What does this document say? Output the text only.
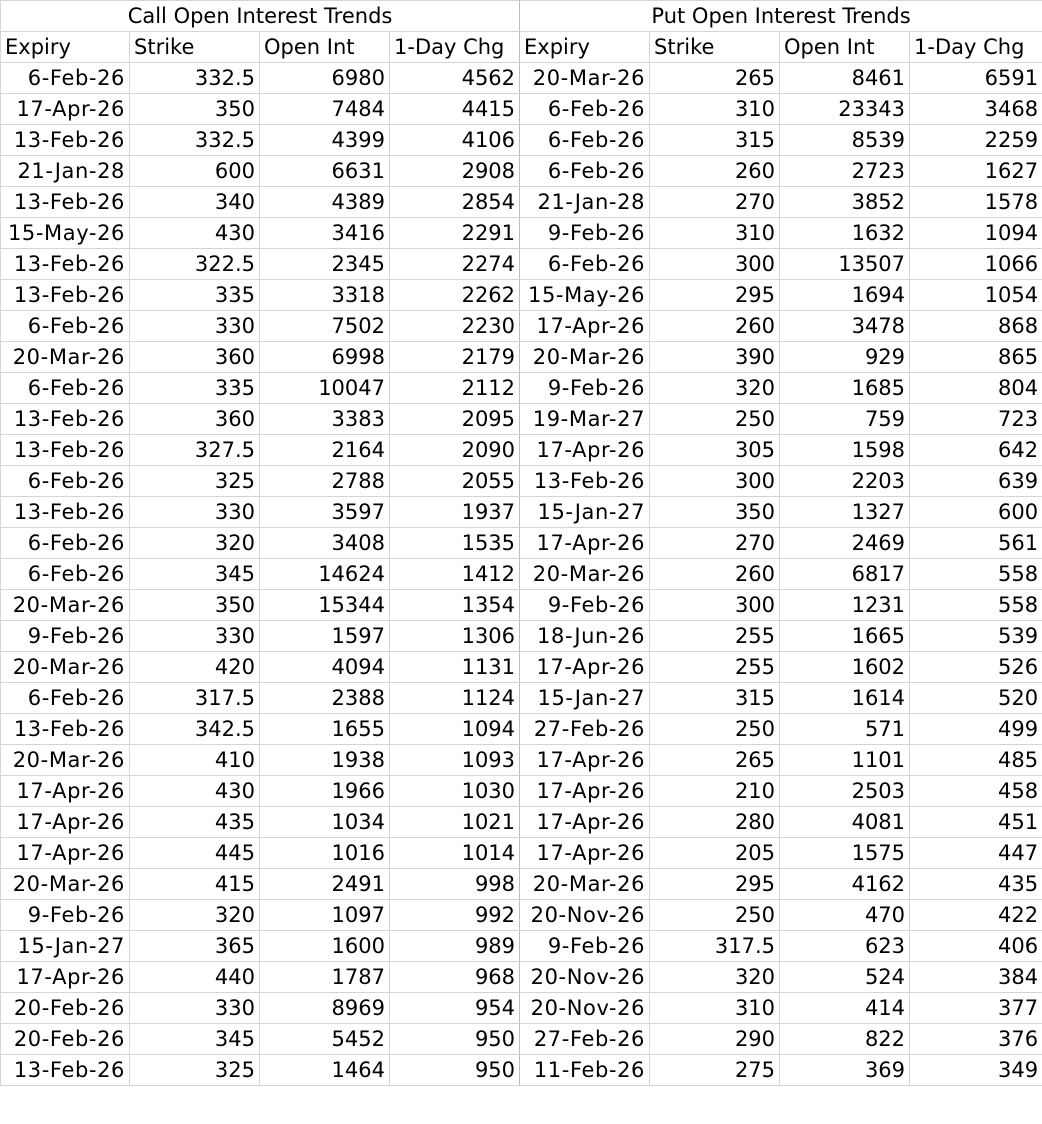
Call Open Interest Trends				Put Open Interest Trends			
Expiry	Strike	Open Int	1-Day Chg	Expiry	Strike	Open Int	1-Day Chg
6-Feb-26	332.5	6980	4562	20-Mar-26	265	8461	6591
17-Apr-26	350	7484	4415	6-Feb-26	310	23343	3468
13-Feb-26	332.5	4399	4106	6-Feb-26	315	8539	2259
21-Jan-28	600	6631	2908	6-Feb-26	260	2723	1627
13-Feb-26	340	4389	2854	21-Jan-28	270	3852	1578
15-May-26	430	3416	2291	9-Feb-26	310	1632	1094
13-Feb-26	322.5	2345	2274	6-Feb-26	300	13507	1066
13-Feb-26	335	3318	2262	15-May-26	295	1694	1054
6-Feb-26	330	7502	2230	17-Apr-26	260	3478	868
20-Mar-26	360	6998	2179	20-Mar-26	390	929	865
6-Feb-26	335	10047	2112	9-Feb-26	320	1685	804
13-Feb-26	360	3383	2095	19-Mar-27	250	759	723
13-Feb-26	327.5	2164	2090	17-Apr-26	305	1598	642
6-Feb-26	325	2788	2055	13-Feb-26	300	2203	639
13-Feb-26	330	3597	1937	15-Jan-27	350	1327	600
6-Feb-26	320	3408	1535	17-Apr-26	270	2469	561
6-Feb-26	345	14624	1412	20-Mar-26	260	6817	558
20-Mar-26	350	15344	1354	9-Feb-26	300	1231	558
9-Feb-26	330	1597	1306	18-Jun-26	255	1665	539
20-Mar-26	420	4094	1131	17-Apr-26	255	1602	526
6-Feb-26	317.5	2388	1124	15-Jan-27	315	1614	520
13-Feb-26	342.5	1655	1094	27-Feb-26	250	571	499
20-Mar-26	410	1938	1093	17-Apr-26	265	1101	485
17-Apr-26	430	1966	1030	17-Apr-26	210	2503	458
17-Apr-26	435	1034	1021	17-Apr-26	280	4081	451
17-Apr-26	445	1016	1014	17-Apr-26	205	1575	447
20-Mar-26	415	2491	998	20-Mar-26	295	4162	435
9-Feb-26	320	1097	992	20-Nov-26	250	470	422
15-Jan-27	365	1600	989	9-Feb-26	317.5	623	406
17-Apr-26	440	1787	968	20-Nov-26	320	524	384
20-Feb-26	330	8969	954	20-Nov-26	310	414	377
20-Feb-26	345	5452	950	27-Feb-26	290	822	376
13-Feb-26	325	1464	950	11-Feb-26	275	369	349
